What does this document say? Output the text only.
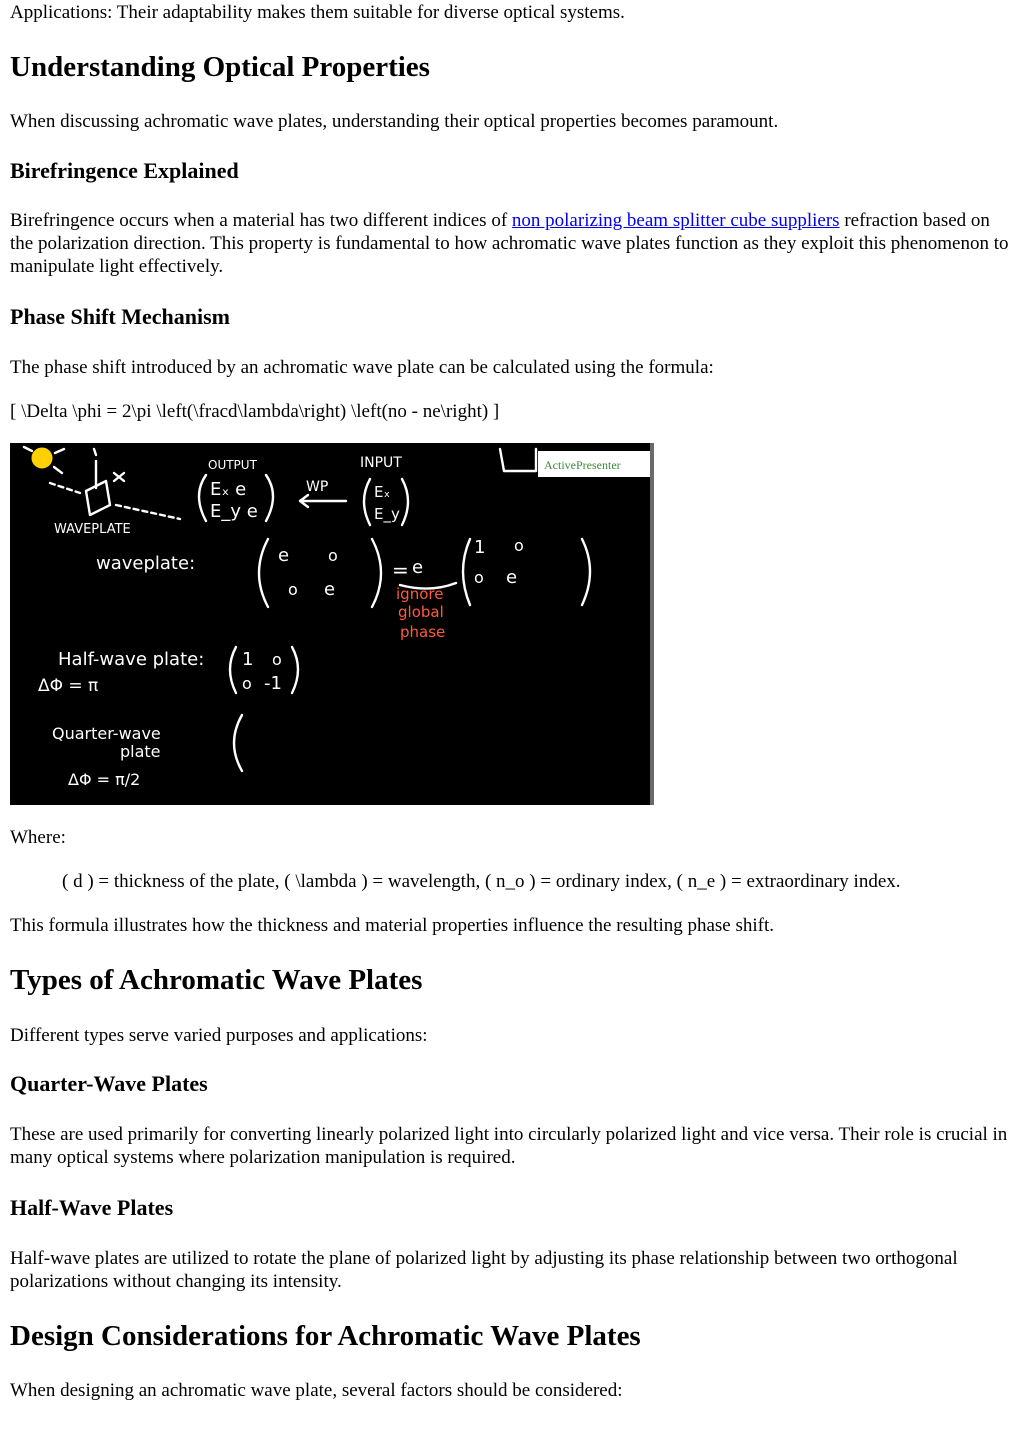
Applications: Their adaptability makes them suitable for diverse optical systems.

Understanding Optical Properties

When discussing achromatic wave plates, understanding their optical properties becomes paramount.

Birefringence Explained

Birefringence occurs when a material has two different indices of non polarizing beam splitter cube suppliers refraction based on the polarization direction. This property is fundamental to how achromatic wave plates function as they exploit this phenomenon to manipulate light effectively.

Phase Shift Mechanism

The phase shift introduced by an achromatic wave plate can be calculated using the formula:

[ \Delta \phi = 2\pi \left(\fracd\lambda\right) \left(no - ne\right) ]

WAVEPLATE
OUTPUT	INPUT
Eₓ e
E_y e
WP	Eₓ
E_y
waveplate:	e o
o e
= e
1 o
o e
ignore
global
phase
Half-wave plate:
ΔΦ = π
1 o
o -1
Quarter-wave
plate
ΔΦ = π/2
ActivePresenter

Where:

( d ) = thickness of the plate, ( \lambda ) = wavelength, ( n_o ) = ordinary index, ( n_e ) = extraordinary index.

This formula illustrates how the thickness and material properties influence the resulting phase shift.

Types of Achromatic Wave Plates

Different types serve varied purposes and applications:

Quarter-Wave Plates

These are used primarily for converting linearly polarized light into circularly polarized light and vice versa. Their role is crucial in many optical systems where polarization manipulation is required.

Half-Wave Plates

Half-wave plates are utilized to rotate the plane of polarized light by adjusting its phase relationship between two orthogonal polarizations without changing its intensity.

Design Considerations for Achromatic Wave Plates

When designing an achromatic wave plate, several factors should be considered:
